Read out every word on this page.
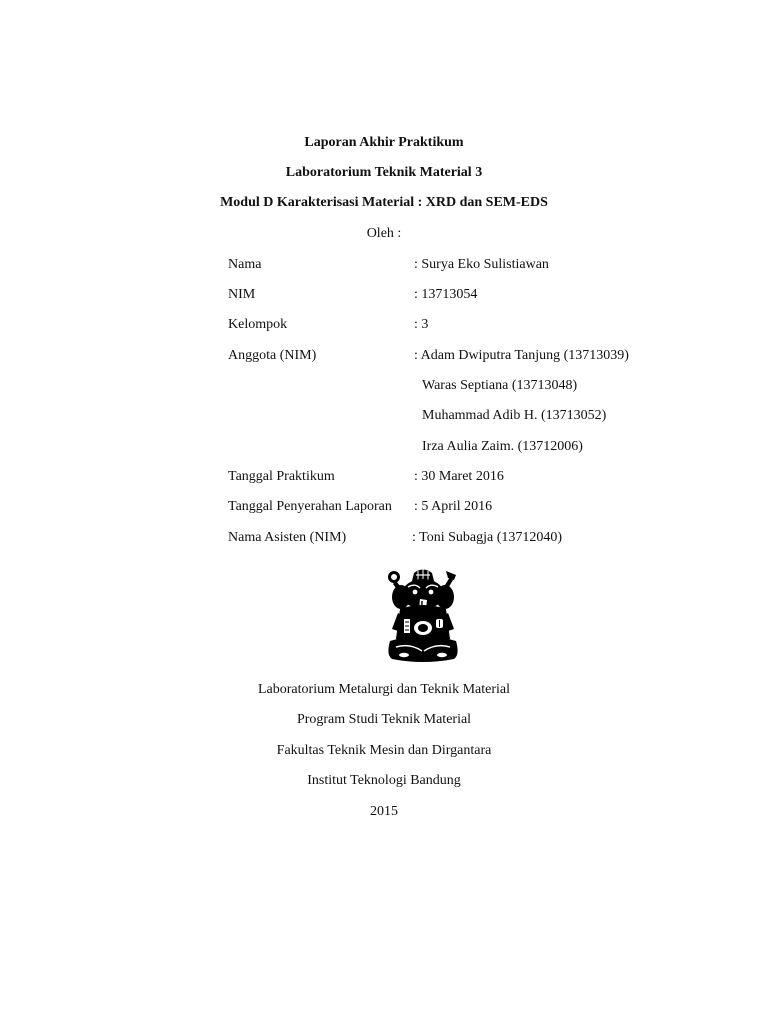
Laporan Akhir Praktikum
Laboratorium Teknik Material 3
Modul D Karakterisasi Material : XRD dan SEM-EDS
Oleh :
Nama	: Surya Eko Sulistiawan
NIM	: 13713054
Kelompok	: 3
Anggota (NIM)	: Adam Dwiputra Tanjung (13713039)
Waras Septiana (13713048)
Muhammad Adib H. (13713052)
Irza Aulia Zaim. (13712006)
Tanggal Praktikum	: 30 Maret 2016
Tanggal Penyerahan Laporan : 5 April 2016
Nama Asisten (NIM)	: Toni Subagja (13712040)
Laboratorium Metalurgi dan Teknik Material
Program Studi Teknik Material
Fakultas Teknik Mesin dan Dirgantara
Institut Teknologi Bandung
2015
